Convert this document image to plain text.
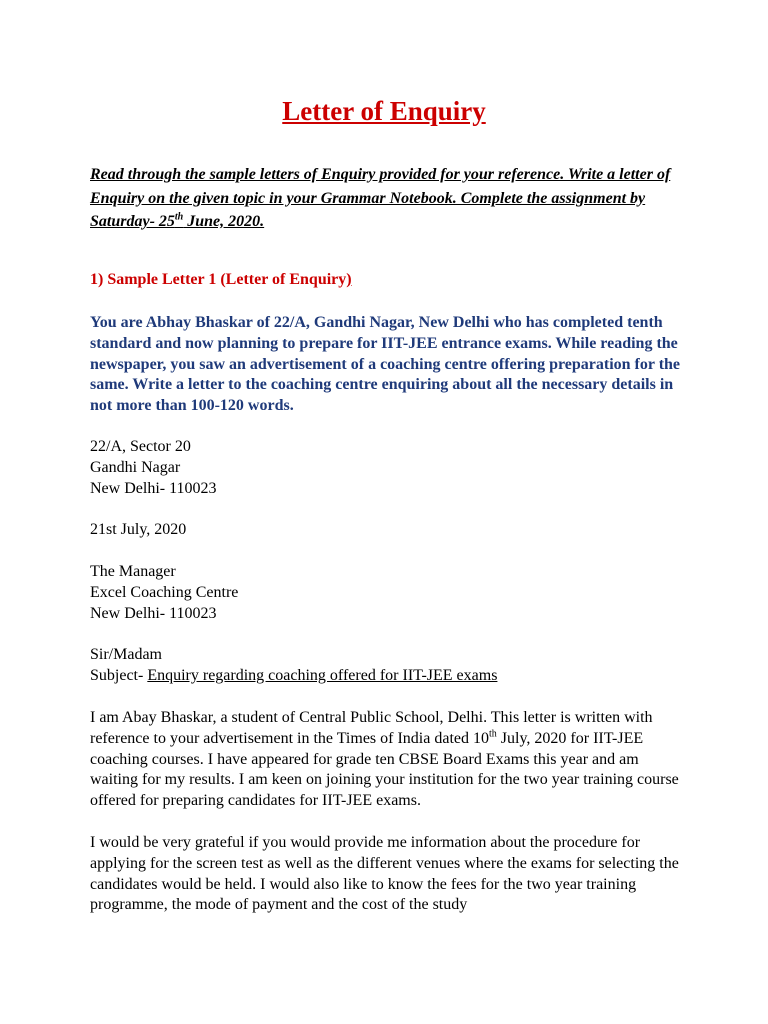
Letter of Enquiry

Read through the sample letters of Enquiry provided for your reference. Write a letter of Enquiry on the given topic in your Grammar Notebook. Complete the assignment by Saturday- 25th June, 2020.

1) Sample Letter 1 (Letter of Enquiry)

You are Abhay Bhaskar of 22/A, Gandhi Nagar, New Delhi who has completed tenth standard and now planning to prepare for IIT-JEE entrance exams. While reading the newspaper, you saw an advertisement of a coaching centre offering preparation for the same. Write a letter to the coaching centre enquiring about all the necessary details in not more than 100-120 words.

22/A, Sector 20
Gandhi Nagar
New Delhi- 110023
21st July, 2020
The Manager
Excel Coaching Centre
New Delhi- 110023
Sir/Madam
Subject- Enquiry regarding coaching offered for IIT-JEE exams

I am Abay Bhaskar, a student of Central Public School, Delhi. This letter is written with reference to your advertisement in the Times of India dated 10th July, 2020 for IIT-JEE coaching courses. I have appeared for grade ten CBSE Board Exams this year and am waiting for my results. I am keen on joining your institution for the two year training course offered for preparing candidates for IIT-JEE exams.

I would be very grateful if you would provide me information about the procedure for applying for the screen test as well as the different venues where the exams for selecting the candidates would be held. I would also like to know the fees for the two year training programme, the mode of payment and the cost of the study
